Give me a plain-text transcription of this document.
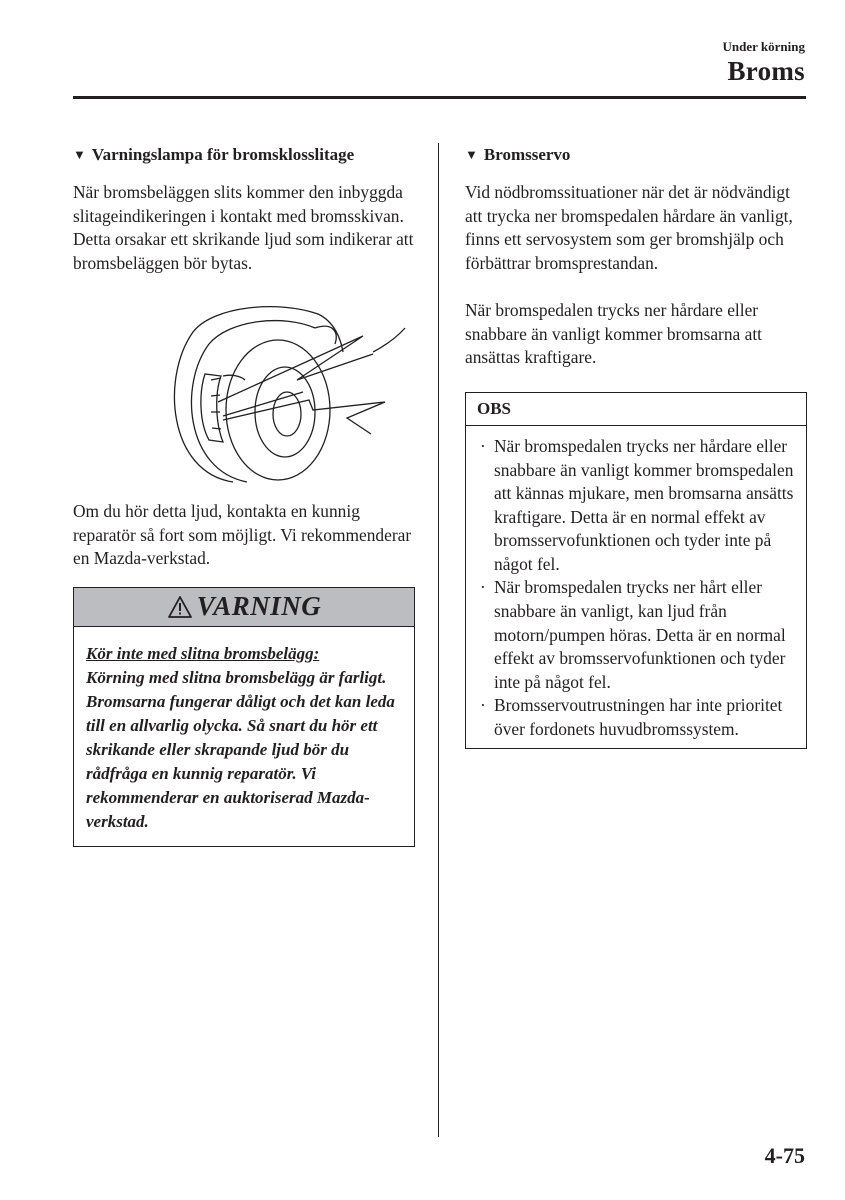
Under körning
Broms
▼ Varningslampa för bromsklosslitage

När bromsbeläggen slits kommer den inbyggda slitageindikeringen i kontakt med bromsskivan. Detta orsakar ett skrikande ljud som indikerar att bromsbeläggen bör bytas.

Om du hör detta ljud, kontakta en kunnig reparatör så fort som möjligt. Vi rekommenderar en Mazda-verkstad.

VARNING
Kör inte med slitna bromsbelägg:
Körning med slitna bromsbelägg är farligt. Bromsarna fungerar dåligt och det kan leda till en allvarlig olycka. Så snart du hör ett skrikande eller skrapande ljud bör du rådfråga en kunnig reparatör. Vi rekommenderar en auktoriserad Mazda-verkstad.
▼ Bromsservo

Vid nödbromssituationer när det är nödvändigt att trycka ner bromspedalen hårdare än vanligt, finns ett servosystem som ger bromshjälp och förbättrar bromsprestandan.

När bromspedalen trycks ner hårdare eller snabbare än vanligt kommer bromsarna att ansättas kraftigare.

OBS

· När bromspedalen trycks ner hårdare eller snabbare än vanligt kommer bromspedalen att kännas mjukare, men bromsarna ansätts kraftigare. Detta är en normal effekt av bromsservofunktionen och tyder inte på något fel.

· När bromspedalen trycks ner hårt eller snabbare än vanligt, kan ljud från motorn/pumpen höras. Detta är en normal effekt av bromsservofunktionen och tyder inte på något fel.

· Bromsservoutrustningen har inte prioritet över fordonets huvudbromssystem.

4-75
